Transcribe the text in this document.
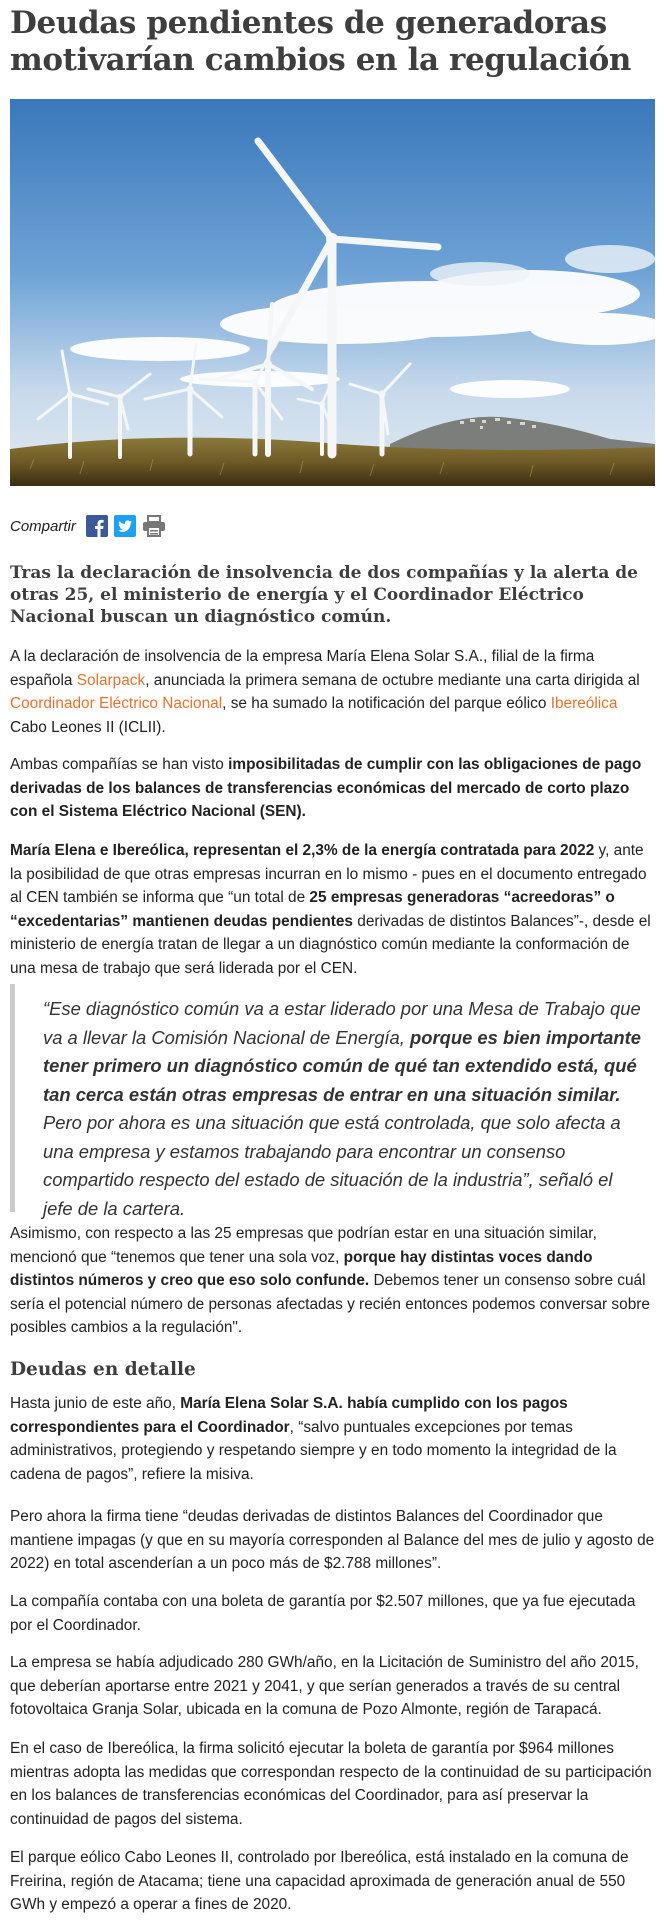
Deudas pendientes de generadoras motivarían cambios en la regulación
Compartir

Tras la declaración de insolvencia de dos compañías y la alerta de otras 25, el ministerio de energía y el Coordinador Eléctrico Nacional buscan un diagnóstico común.

A la declaración de insolvencia de la empresa María Elena Solar S.A., filial de la firma española Solarpack, anunciada la primera semana de octubre mediante una carta dirigida al Coordinador Eléctrico Nacional, se ha sumado la notificación del parque eólico Ibereólica Cabo Leones II (ICLII).

Ambas compañías se han visto imposibilitadas de cumplir con las obligaciones de pago derivadas de los balances de transferencias económicas del mercado de corto plazo con el Sistema Eléctrico Nacional (SEN).

María Elena e Ibereólica, representan el 2,3% de la energía contratada para 2022 y, ante la posibilidad de que otras empresas incurran en lo mismo - pues en el documento entregado al CEN también se informa que “un total de 25 empresas generadoras “acreedoras” o “excedentarias” mantienen deudas pendientes derivadas de distintos Balances”-, desde el ministerio de energía tratan de llegar a un diagnóstico común mediante la conformación de una mesa de trabajo que será liderada por el CEN.

“Ese diagnóstico común va a estar liderado por una Mesa de Trabajo que va a llevar la Comisión Nacional de Energía, porque es bien importante tener primero un diagnóstico común de qué tan extendido está, qué tan cerca están otras empresas de entrar en una situación similar. Pero por ahora es una situación que está controlada, que solo afecta a una empresa y estamos trabajando para encontrar un consenso compartido respecto del estado de situación de la industria”, señaló el jefe de la cartera.

Asimismo, con respecto a las 25 empresas que podrían estar en una situación similar, mencionó que “tenemos que tener una sola voz, porque hay distintas voces dando distintos números y creo que eso solo confunde. Debemos tener un consenso sobre cuál sería el potencial número de personas afectadas y recién entonces podemos conversar sobre posibles cambios a la regulación".

Deudas en detalle

Hasta junio de este año, María Elena Solar S.A. había cumplido con los pagos correspondientes para el Coordinador, “salvo puntuales excepciones por temas administrativos, protegiendo y respetando siempre y en todo momento la integridad de la cadena de pagos”, refiere la misiva.

Pero ahora la firma tiene “deudas derivadas de distintos Balances del Coordinador que mantiene impagas (y que en su mayoría corresponden al Balance del mes de julio y agosto de 2022) en total ascenderían a un poco más de $2.788 millones”.

La compañía contaba con una boleta de garantía por $2.507 millones, que ya fue ejecutada por el Coordinador.

La empresa se había adjudicado 280 GWh/año, en la Licitación de Suministro del año 2015, que deberían aportarse entre 2021 y 2041, y que serían generados a través de su central fotovoltaica Granja Solar, ubicada en la comuna de Pozo Almonte, región de Tarapacá.

En el caso de Ibereólica, la firma solicitó ejecutar la boleta de garantía por $964 millones mientras adopta las medidas que correspondan respecto de la continuidad de su participación en los balances de transferencias económicas del Coordinador, para así preservar la continuidad de pagos del sistema.

El parque eólico Cabo Leones II, controlado por Ibereólica, está instalado en la comuna de Freirina, región de Atacama; tiene una capacidad aproximada de generación anual de 550 GWh y empezó a operar a fines de 2020.
